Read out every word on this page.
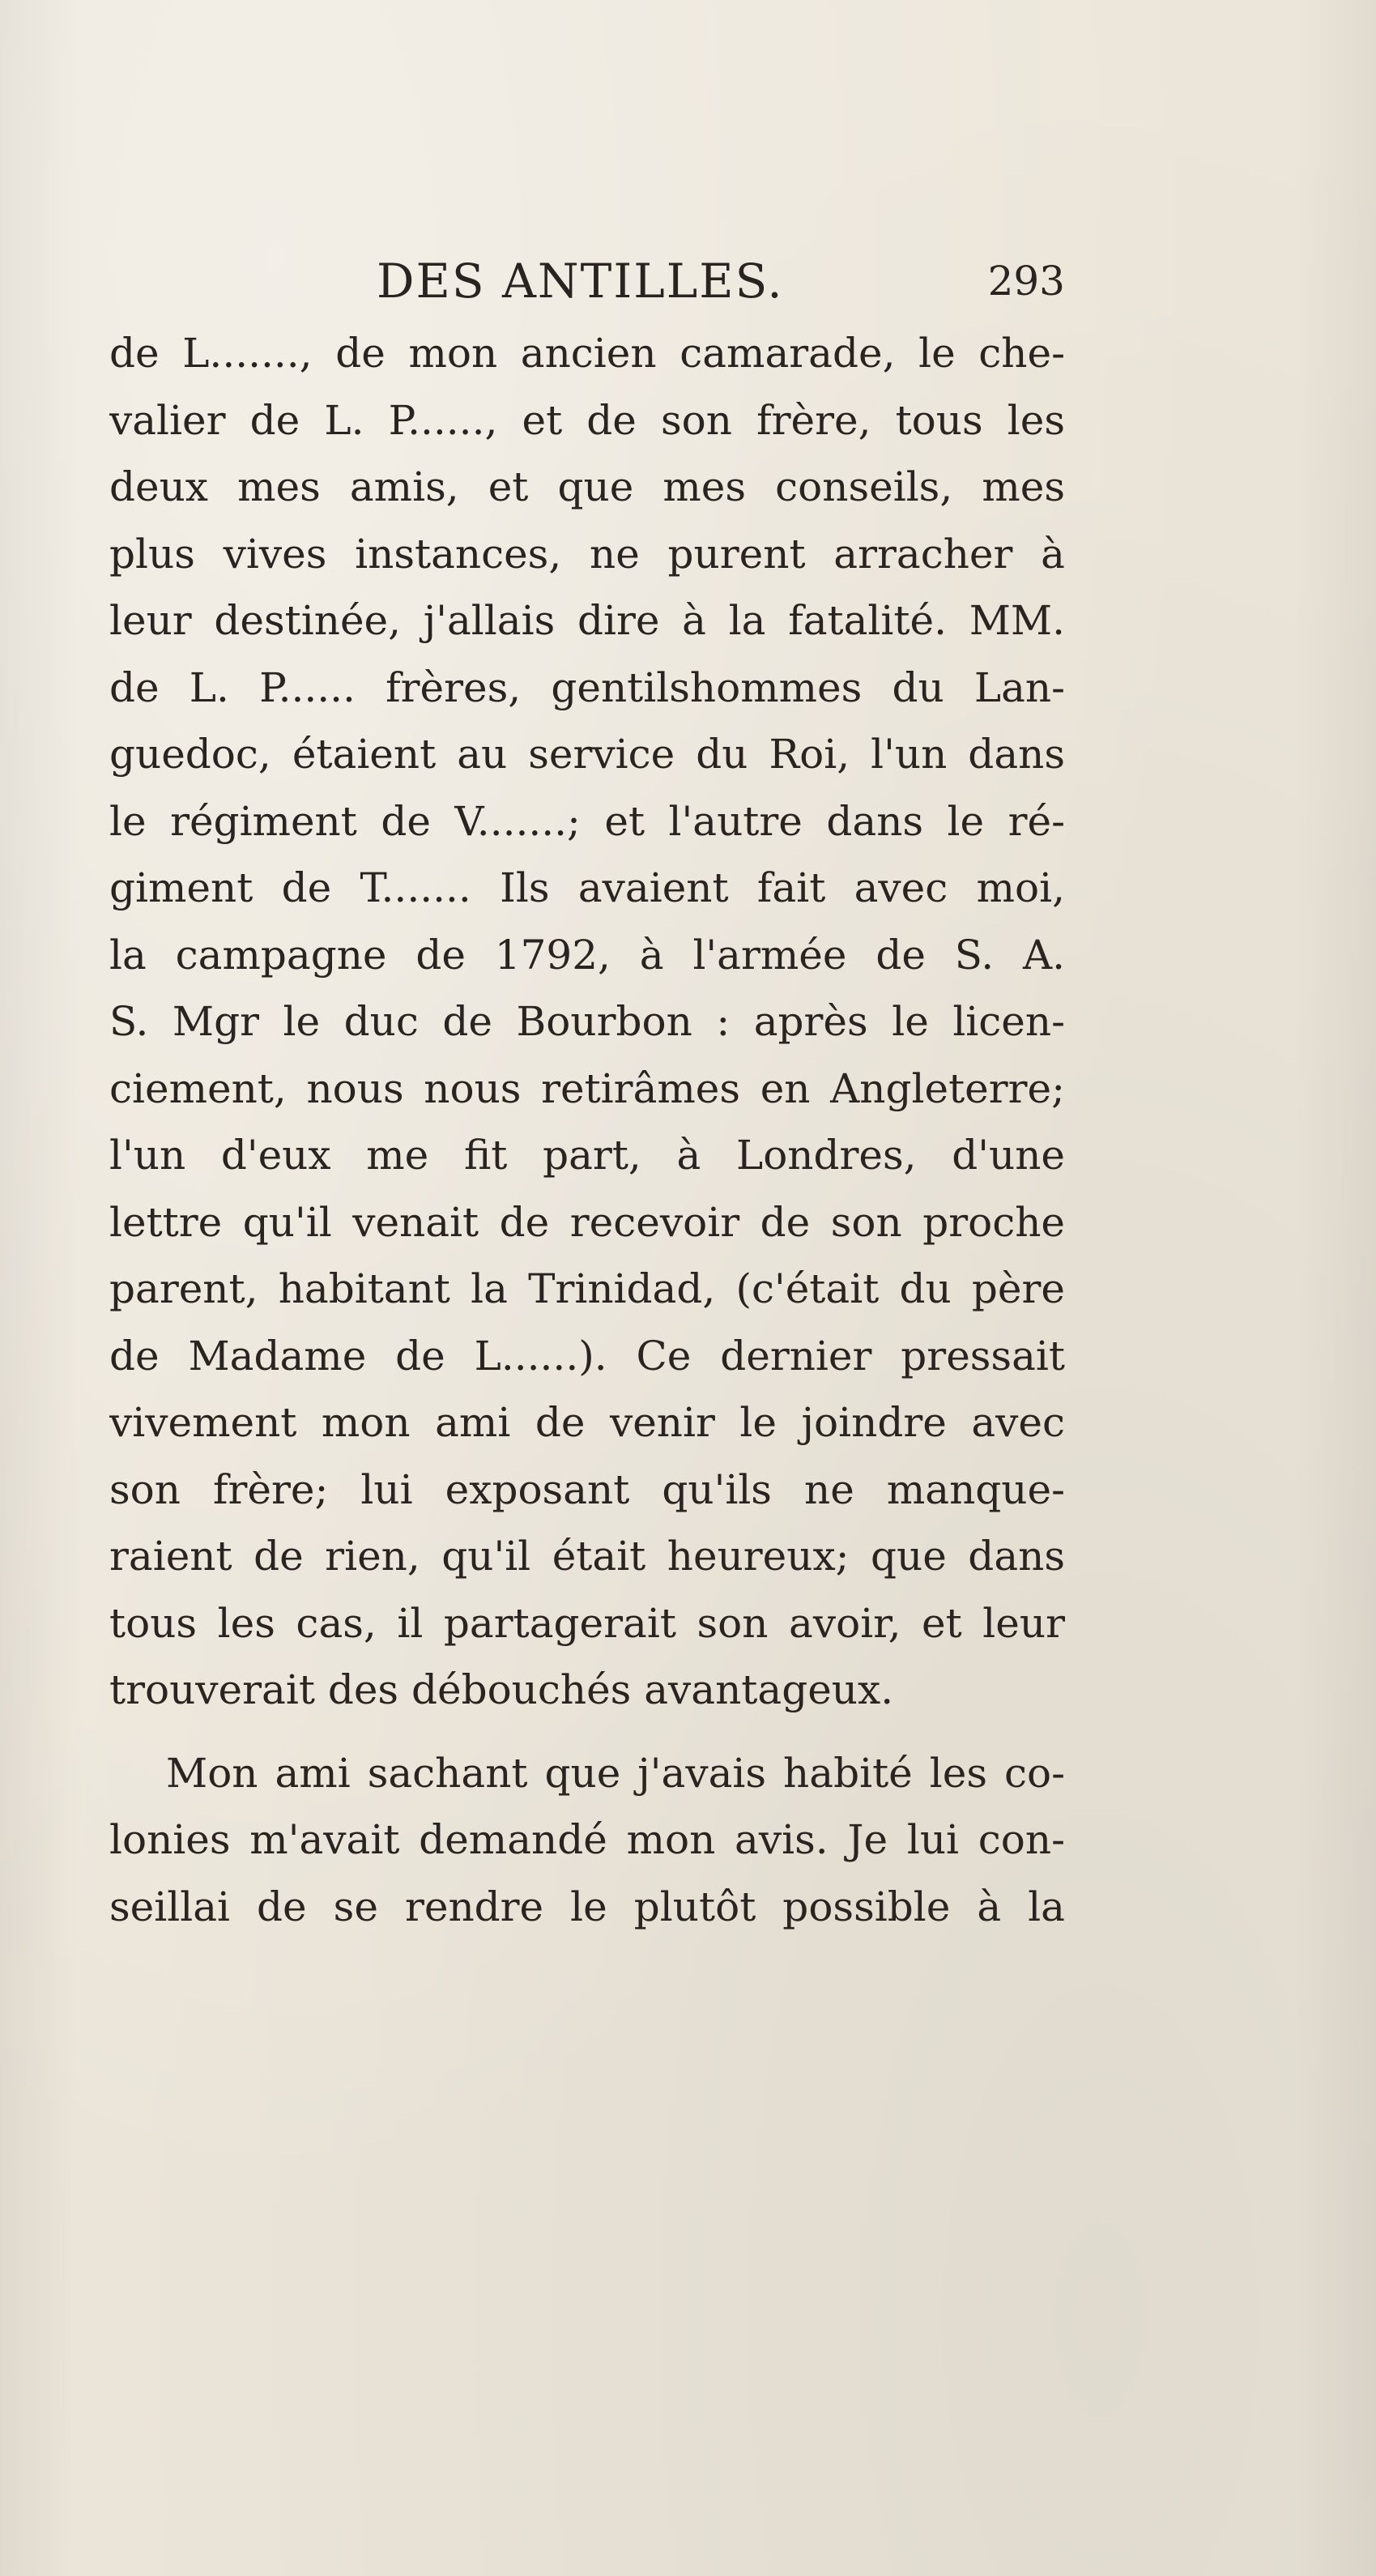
DES ANTILLES.	293
de L......., de mon ancien camarade, le che-
valier de L. P......, et de son frère, tous les
deux mes amis, et que mes conseils, mes
plus vives instances, ne purent arracher à
leur destinée, j'allais dire à la fatalité. MM.
de L. P...... frères, gentilshommes du Lan-
guedoc, étaient au service du Roi, l'un dans
le régiment de V.......; et l'autre dans le ré-
giment de T....... Ils avaient fait avec moi,
la campagne de 1792, à l'armée de S. A.
S. Mgr le duc de Bourbon : après le licen-
ciement, nous nous retirâmes en Angleterre;
l'un d'eux me fit part, à Londres, d'une
lettre qu'il venait de recevoir de son proche
parent, habitant la Trinidad, (c'était du père
de Madame de L......). Ce dernier pressait
vivement mon ami de venir le joindre avec
son frère; lui exposant qu'ils ne manque-
raient de rien, qu'il était heureux; que dans
tous les cas, il partagerait son avoir, et leur
trouverait des débouchés avantageux.
Mon ami sachant que j'avais habité les co-
lonies m'avait demandé mon avis. Je lui con-
seillai de se rendre le plutôt possible à la
